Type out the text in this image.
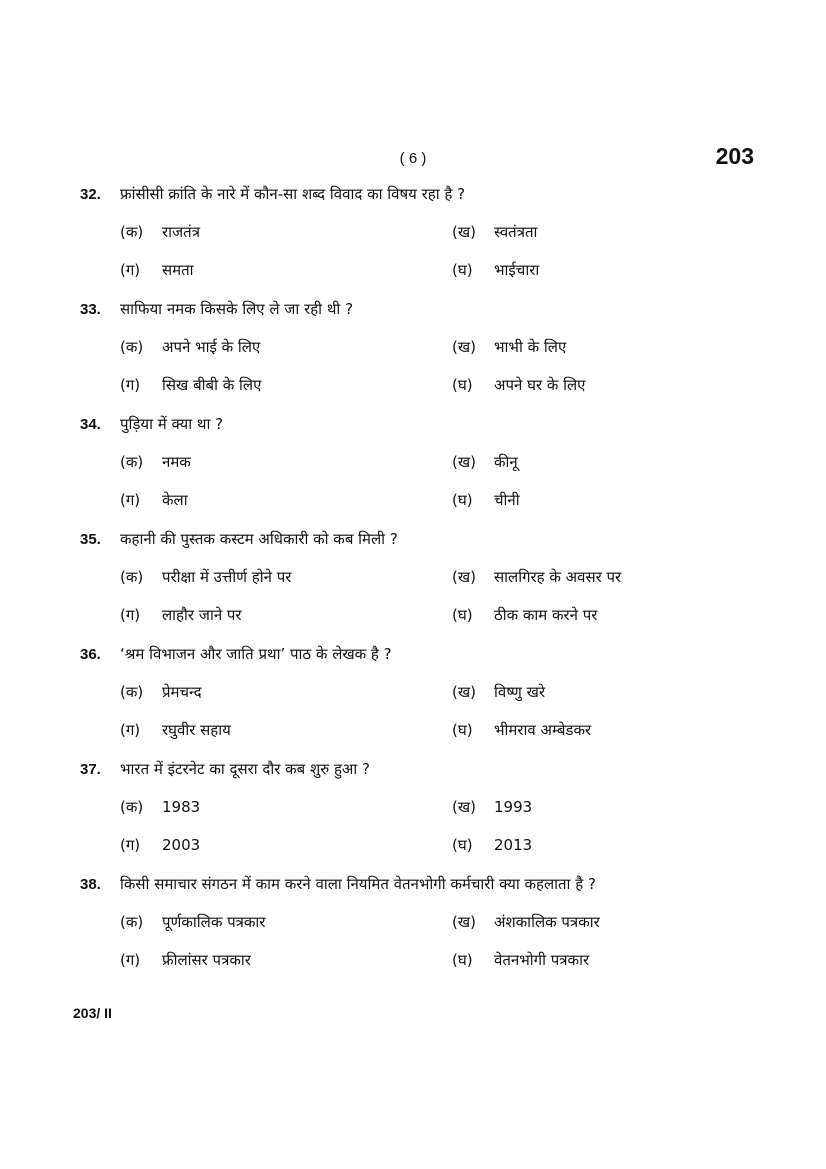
( 6 )	203
32.	फ्रांसीसी क्रांति के नारे में कौन-सा शब्द विवाद का विषय रहा है ?
(क)	राजतंत्र	(ख)	स्वतंत्रता
(ग)	समता	(घ)	भाईचारा
33.	साफिया नमक किसके लिए ले जा रही थी ?
(क)	अपने भाई के लिए	(ख)	भाभी के लिए
(ग)	सिख बीबी के लिए	(घ)	अपने घर के लिए
34.	पुड़िया में क्या था ?
(क)	नमक	(ख)	कीनू
(ग)	केला	(घ)	चीनी
35.	कहानी की पुस्तक कस्टम अधिकारी को कब मिली ?
(क)	परीक्षा में उत्तीर्ण होने पर	(ख)	सालगिरह के अवसर पर
(ग)	लाहौर जाने पर	(घ)	ठीक काम करने पर
36.	‘श्रम विभाजन और जाति प्रथा’ पाठ के लेखक है ?
(क)	प्रेमचन्द	(ख)	विष्णु खरे
(ग)	रघुवीर सहाय	(घ)	भीमराव अम्बेडकर
37.	भारत में इंटरनेट का दूसरा दौर कब शुरु हुआ ?
(क)	1983	(ख)	1993
(ग)	2003	(घ)	2013
38.	किसी समाचार संगठन में काम करने वाला नियमित वेतनभोगी कर्मचारी क्या कहलाता है ?
(क)	पूर्णकालिक पत्रकार	(ख)	अंशकालिक पत्रकार
(ग)	फ्रीलांसर पत्रकार	(घ)	वेतनभोगी पत्रकार
203/ II
